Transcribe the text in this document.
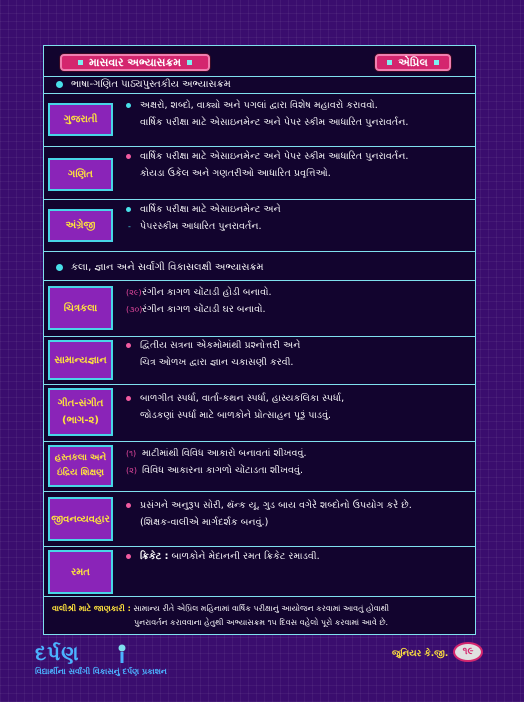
માસવાર અભ્યાસક્રમ	એપ્રિલ
ભાષા-ગણિત પાઠ્યપુસ્તકીય અભ્યાસક્રમ
ગુજરાતી
અક્ષરો, શબ્દો, વાક્યો અને પગલાં દ્વારા વિશેષ મહાવરો કરાવવો.
વાર્ષિક પરીક્ષા માટે એસાઇનમેન્ટ અને પેપર સ્કીમ આધારિત પુનરાવર્તન.
ગણિત
વાર્ષિક પરીક્ષા માટે એસાઇનમેન્ટ અને પેપર સ્કીમ આધારિત પુનરાવર્તન.
કોયડા ઉકેલ અને ગણતરીઓ આધારિત પ્રવૃત્તિઓ.
અંગ્રેજી
વાર્ષિક પરીક્ષા માટે એસાઇનમેન્ટ અને
- પેપરસ્કીમ આધારિત પુનરાવર્તન.
કલા, જ્ઞાન અને સર્વાંગી વિકાસલક્ષી અભ્યાસક્રમ
ચિત્રકલા
(૨૯) રંગીન કાગળ ચોંટાડી હોડી બનાવો.
(૩૦) રંગીન કાગળ ચોંટાડી ઘર બનાવો.
સામાન્યજ્ઞાન
દ્વિતીય સત્રના એકમોમાંથી પ્રશ્નોત્તરી અને
ચિત્ર ઓળખ દ્વારા જ્ઞાન ચકાસણી કરવી.
ગીત-સંગીત
(ભાગ-૨)
બાળગીત સ્પર્ધા, વાર્તા-કથન સ્પર્ધા, હાસ્યકલિકા સ્પર્ધા,
જોડકણાં સ્પર્ધા માટે બાળકોને પ્રોત્સાહન પૂરૂં પાડવું.
હસ્તકલા અને
ઇંદ્રિય શિક્ષણ
(૧) માટીમાંથી વિવિધ આકારો બનાવતાં શીખવવું.
(૨) વિવિધ આકારના કાગળો ચોંટાડતા શીખવવું.
જીવનવ્યવહાર
પ્રસંગને અનુરૂપ સોરી, થૅન્ક યૂ, ગુડ બાય વગેરે શબ્દોનો ઉપયોગ કરે છે.
(શિક્ષક-વાલીએ માર્ગદર્શક બનવું.)
રમત
ક્રિકેટ : બાળકોને મેદાનની રમત ક્રિકેટ રમાડવી.
વાલીશ્રી માટે જાણકારી : સામાન્ય રીતે એપ્રિલ મહિનામાં વાર્ષિક પરીક્ષાનું આયોજન કરવામાં આવતું હોવાથી
પુનરાવર્તન કરાવવાના હેતુથી અભ્યાસક્રમ ૧૫ દિવસ વહેલો પૂરો કરવામાં આવે છે.
દર્પણ
વિદ્યાર્થીના સર્વાંગી વિકાસનું દર્પણ પ્રકાશન
જુનિયર કે.જી.	૧૯
